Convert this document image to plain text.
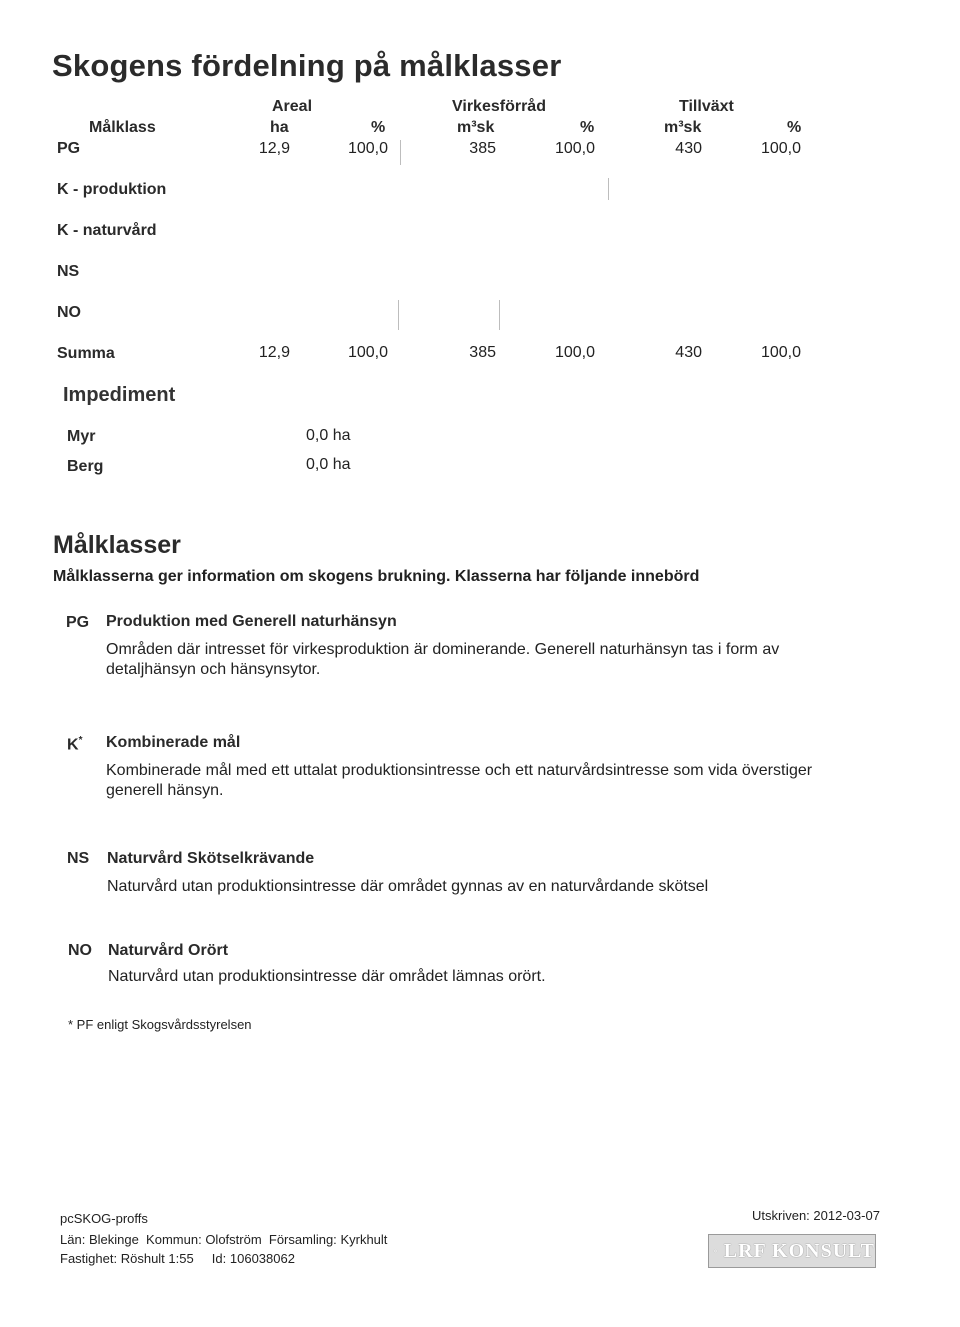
Skogens fördelning på målklasser
Areal	Virkesförråd	Tillväxt
Målklass	ha	%	m³sk	%	m³sk	%
PG	12,9	100,0	385	100,0	430	100,0
K - produktion
K - naturvård
NS
NO
Summa	12,9	100,0	385	100,0	430	100,0
Impediment
Myr	0,0 ha
Berg	0,0 ha
Målklasser
Målklasserna ger information om skogens brukning. Klasserna har följande innebörd
PG Produktion med Generell naturhänsyn
Områden där intresset för virkesproduktion är dominerande. Generell naturhänsyn tas i form av detaljhänsyn och hänsynsytor.
K* Kombinerade mål
Kombinerade mål med ett uttalat produktionsintresse och ett naturvårdsintresse som vida överstiger generell hänsyn.
NS Naturvård Skötselkrävande
Naturvård utan produktionsintresse där området gynnas av en naturvårdande skötsel
NO Naturvård Orört
Naturvård utan produktionsintresse där området lämnas orört.
* PF enligt Skogsvårdsstyrelsen
pcSKOG-proffs
Län: Blekinge Kommun: Olofström Församling: Kyrkhult
Fastighet: Röshult 1:55 Id: 106038062
Utskriven: 2012-03-07
LRF KONSULT
